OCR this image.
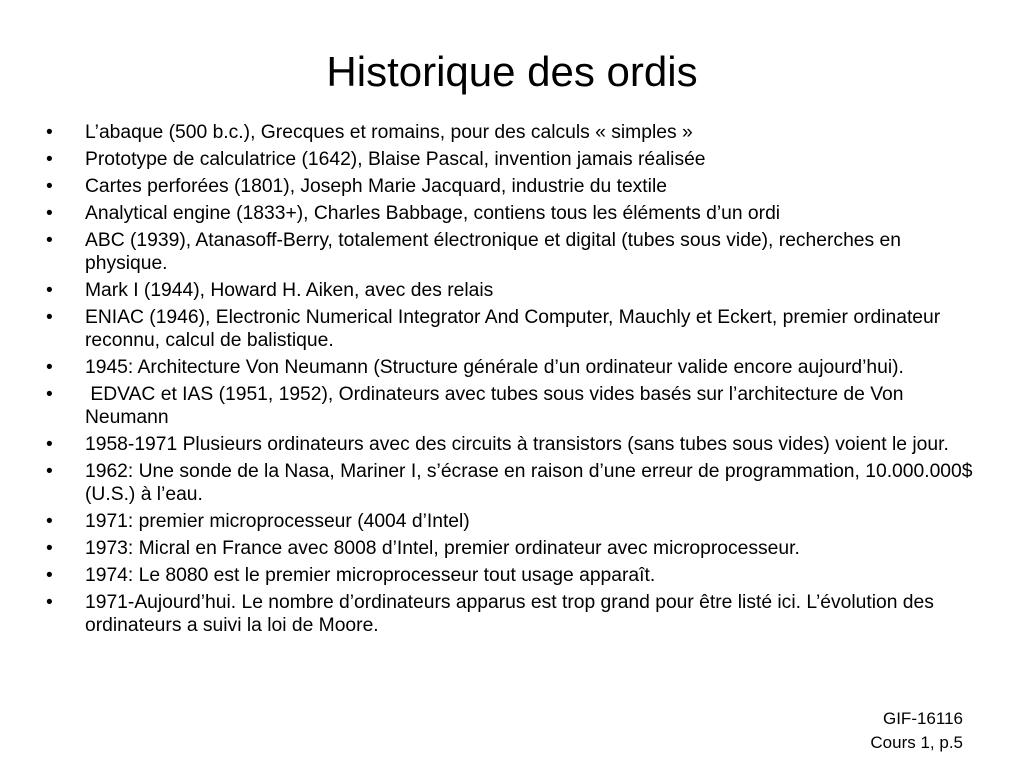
Historique des ordis
•	L’abaque (500 b.c.), Grecques et romains, pour des calculs « simples »
•	Prototype de calculatrice (1642), Blaise Pascal, invention jamais réalisée
•	Cartes perforées (1801), Joseph Marie Jacquard, industrie du textile
•	Analytical engine (1833+), Charles Babbage, contiens tous les éléments d’un ordi
•	ABC (1939), Atanasoff-Berry, totalement électronique et digital (tubes sous vide), recherches en physique.
•	Mark I (1944), Howard H. Aiken, avec des relais
•	ENIAC (1946), Electronic Numerical Integrator And Computer, Mauchly et Eckert, premier ordinateur reconnu, calcul de balistique.
•	1945: Architecture Von Neumann (Structure générale d’un ordinateur valide encore aujourd’hui).
•	EDVAC et IAS (1951, 1952), Ordinateurs avec tubes sous vides basés sur l’architecture de Von Neumann
•	1958-1971 Plusieurs ordinateurs avec des circuits à transistors (sans tubes sous vides) voient le jour.
•	1962: Une sonde de la Nasa, Mariner I, s’écrase en raison d’une erreur de programmation, 10.000.000$ (U.S.) à l’eau.
•	1971: premier microprocesseur (4004 d’Intel)
•	1973: Micral en France avec 8008 d’Intel, premier ordinateur avec microprocesseur.
•	1974: Le 8080 est le premier microprocesseur tout usage apparaît.
•	1971-Aujourd’hui. Le nombre d’ordinateurs apparus est trop grand pour être listé ici. L’évolution des ordinateurs a suivi la loi de Moore.
GIF-16116
Cours 1, p.5
